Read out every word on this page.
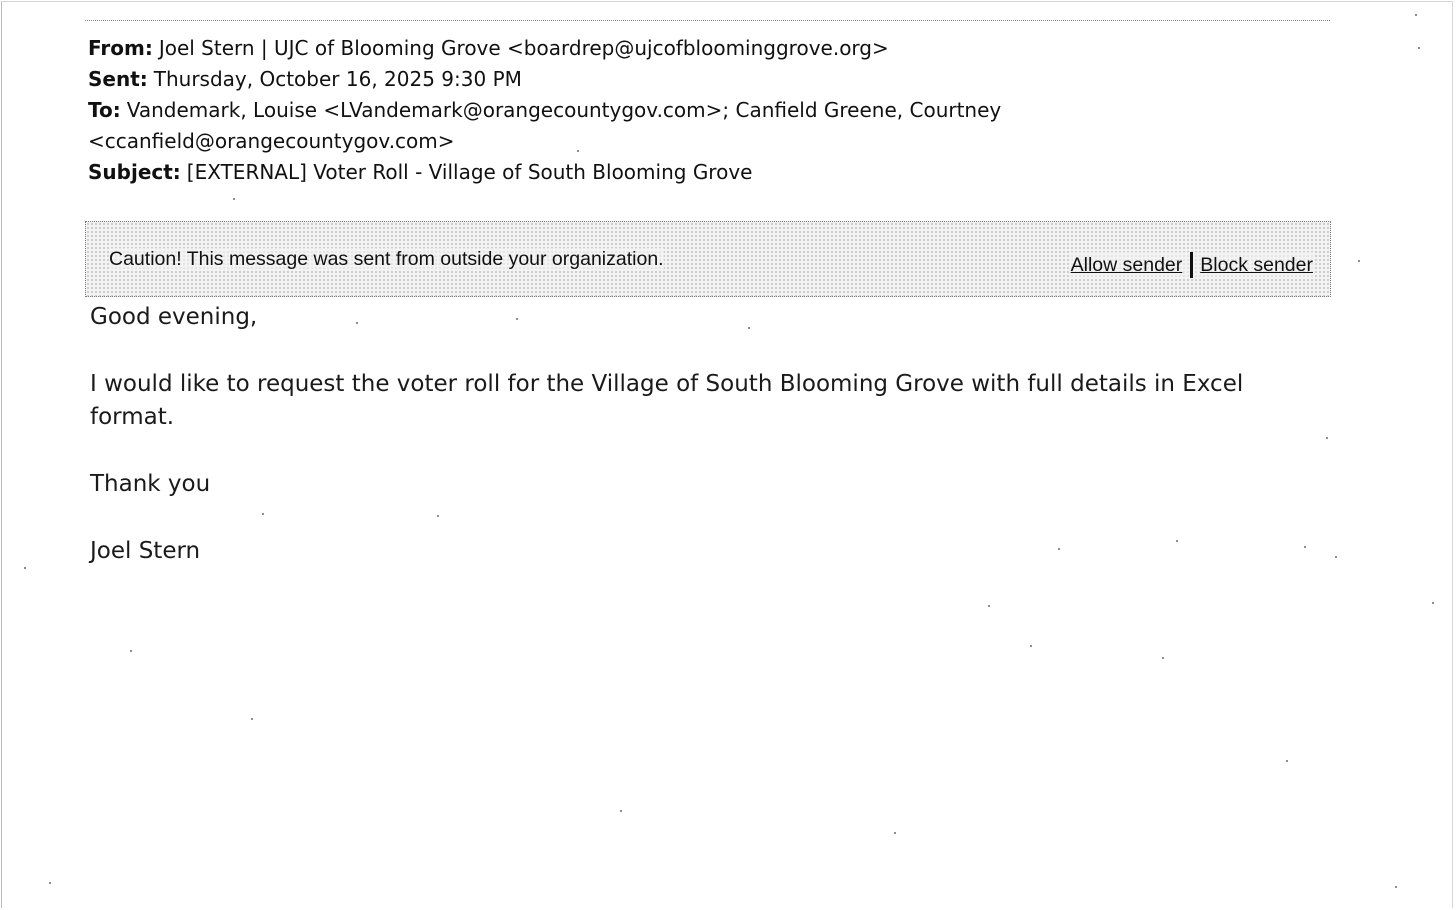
From: Joel Stern | UJC of Blooming Grove <boardrep@ujcofbloominggrove.org>
Sent: Thursday, October 16, 2025 9:30 PM
To: Vandemark, Louise <LVandemark@orangecountygov.com>; Canfield Greene, Courtney
<ccanfield@orangecountygov.com>
Subject: [EXTERNAL] Voter Roll - Village of South Blooming Grove
Caution! This message was sent from outside your organization.	Allow sender Block sender

Good evening,

I would like to request the voter roll for the Village of South Blooming Grove with full details in Excel format.

Thank you

Joel Stern
